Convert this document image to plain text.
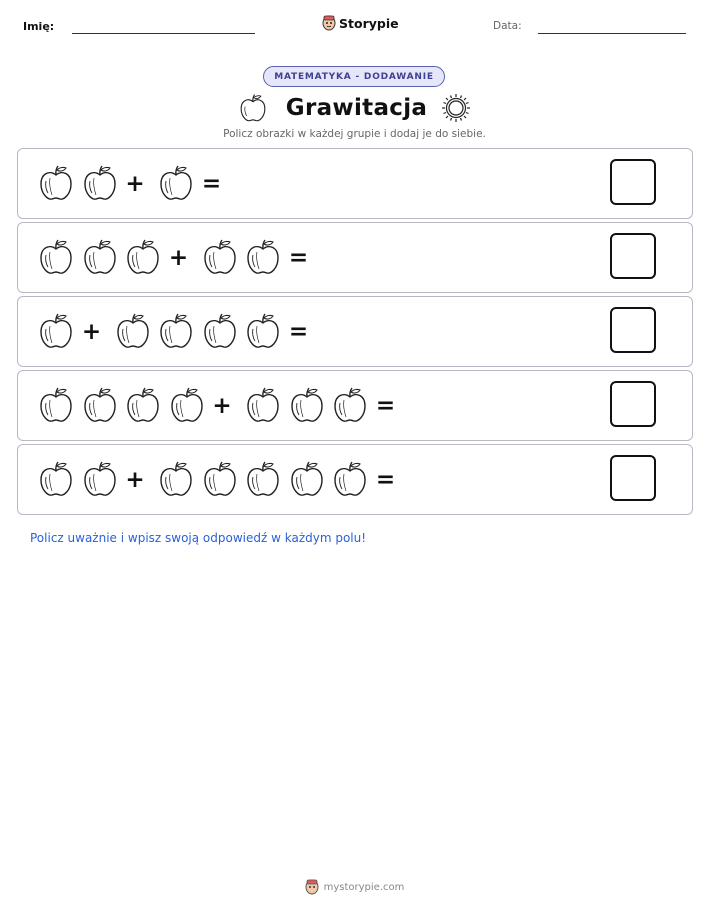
Imię:	Storypie	Data:
MATEMATYKA - DODAWANIE
Grawitacja
Policz obrazki w każdej grupie i dodaj je do siebie.
+ =
+	=
+	=
+	=
+	=
Policz uważnie i wpisz swoją odpowiedź w każdym polu!
mystorypie.com
